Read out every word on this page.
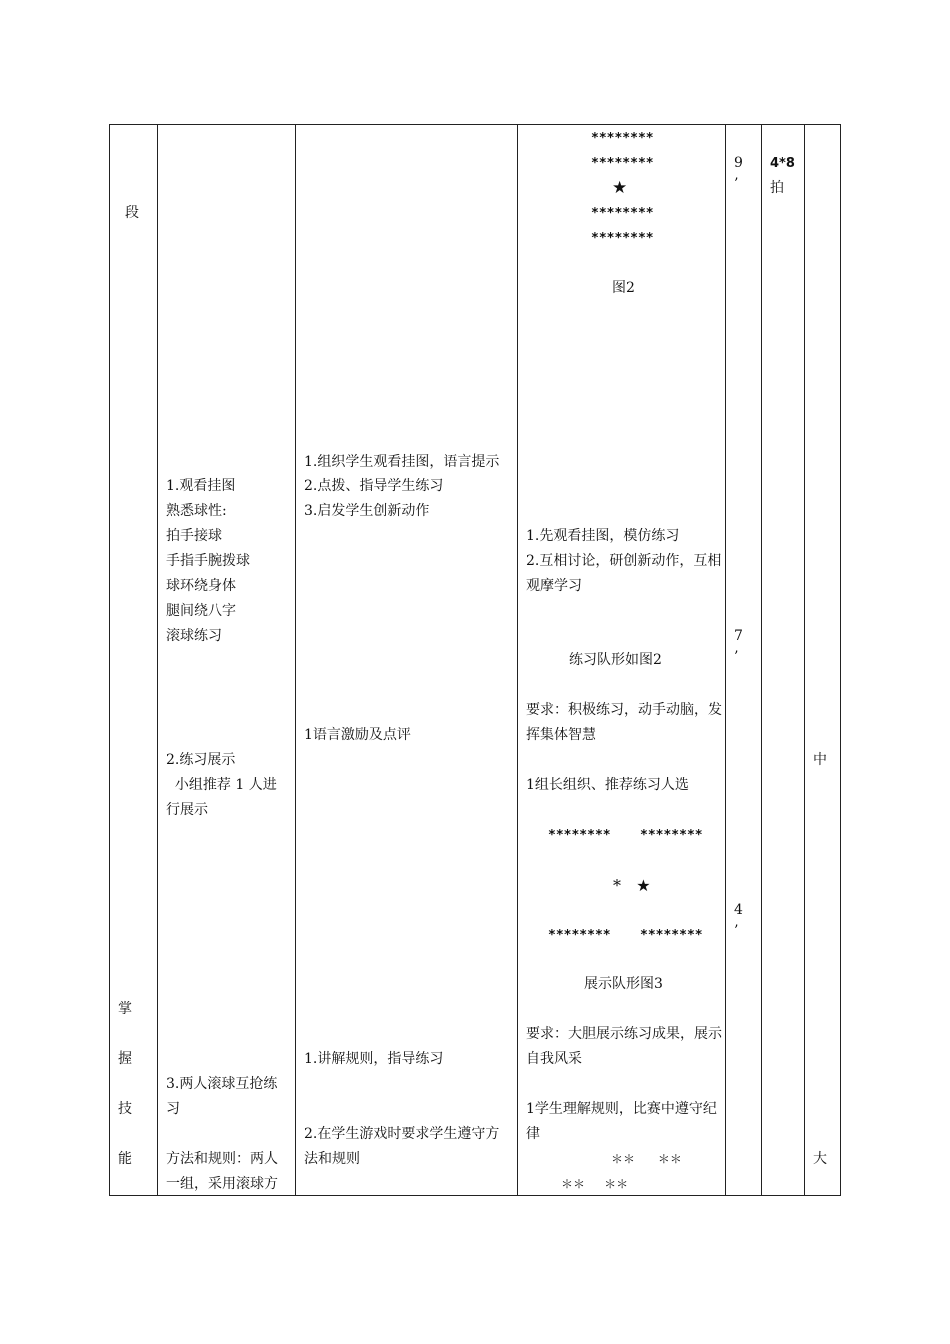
段
掌
握
技
能
1.观看挂图
熟悉球性:
拍手接球
手指手腕拨球
球环绕身体
腿间绕八字
滚球练习
2.练习展示
小组推荐 1 人进
行展示
3.两人滚球互抢练
习
方法和规则：两人
一组，采用滚球方
1.组织学生观看挂图，语言提示
2.点拨、指导学生练习
3.启发学生创新动作
1语言激励及点评
1.讲解规则，指导练习
2.在学生游戏时要求学生遵守方
法和规则
********
********
★
********
********
图2
1.先观看挂图，模仿练习
2.互相讨论，研创新动作，互相
观摩学习
练习队形如图2
要求：积极练习，动手动脑，发
挥集体智慧
1组长组织、推荐练习人选
******** ********
*   ★
******** ********
展示队形图3
要求：大胆展示练习成果，展示
自我风采
1学生理解规则，比赛中遵守纪
律
＊＊      ＊＊
＊＊     ＊＊
9
’
7
’
4
’
4*8
拍
中
大
